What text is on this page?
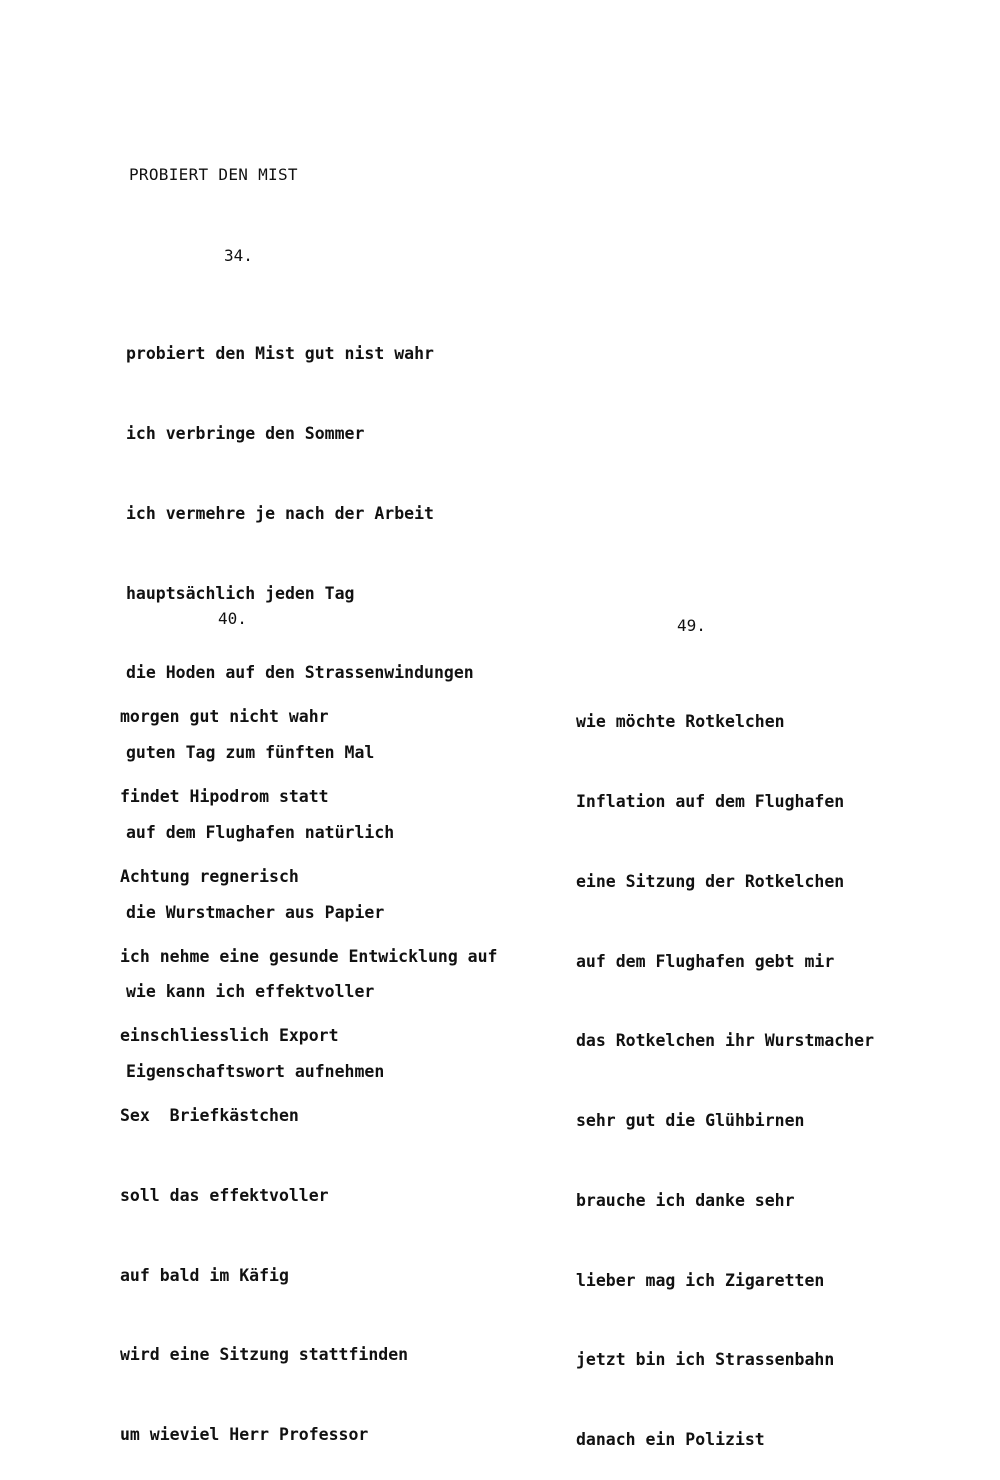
PROBIERT DEN MIST
34.

probiert den Mist gut nist wahr

ich verbringe den Sommer

ich vermehre je nach der Arbeit

hauptsächlich jeden Tag

die Hoden auf den Strassenwindungen

guten Tag zum fünften Mal

auf dem Flughafen natürlich

die Wurstmacher aus Papier

wie kann ich effektvoller

Eigenschaftswort aufnehmen

40.

morgen gut nicht wahr

findet Hipodrom statt

Achtung regnerisch

ich nehme eine gesunde Entwicklung auf

einschliesslich Export

Sex  Briefkästchen

soll das effektvoller

auf bald im Käfig

wird eine Sitzung stattfinden

um wieviel Herr Professor

49.

wie möchte Rotkelchen

Inflation auf dem Flughafen

eine Sitzung der Rotkelchen

auf dem Flughafen gebt mir

das Rotkelchen ihr Wurstmacher

sehr gut die Glühbirnen

brauche ich danke sehr

lieber mag ich Zigaretten

jetzt bin ich Strassenbahn

danach ein Polizist
